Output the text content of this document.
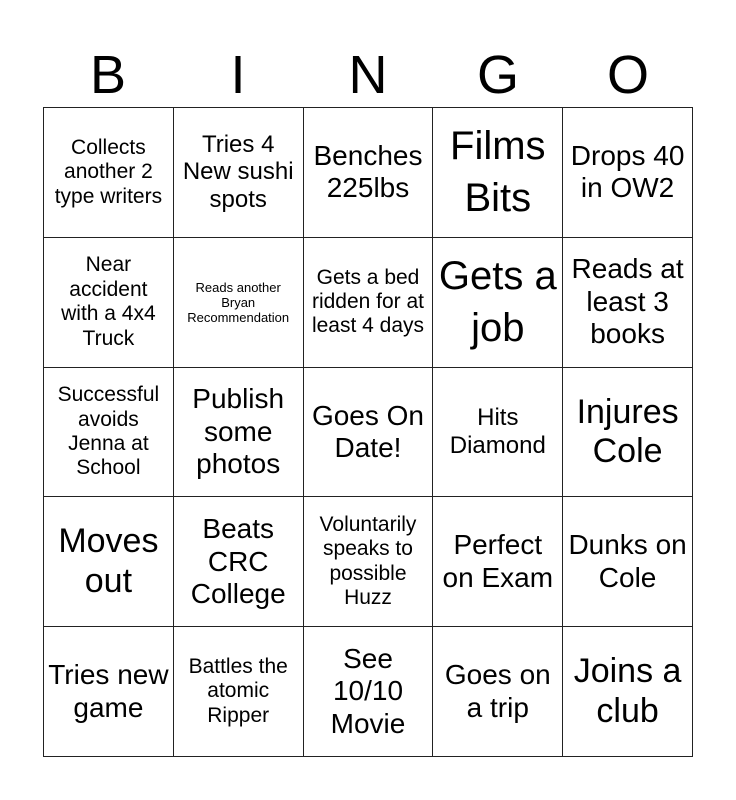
B	I	N	G	O
Collects another 2 type writers
Tries 4 New sushi spots
Benches 225lbs
Films Bits
Drops 40 in OW2
Near accident with a 4x4 Truck
Reads another Bryan Recommendation
Gets a bed ridden for at least 4 days
Gets a job
Reads at least 3 books
Successful avoids Jenna at School
Publish some photos
Goes On Date!
Hits Diamond
Injures Cole
Moves out
Beats CRC College
Voluntarily speaks to possible Huzz
Perfect on Exam
Dunks on Cole
Tries new game
Battles the atomic Ripper
See 10/10 Movie
Goes on a trip
Joins a club
